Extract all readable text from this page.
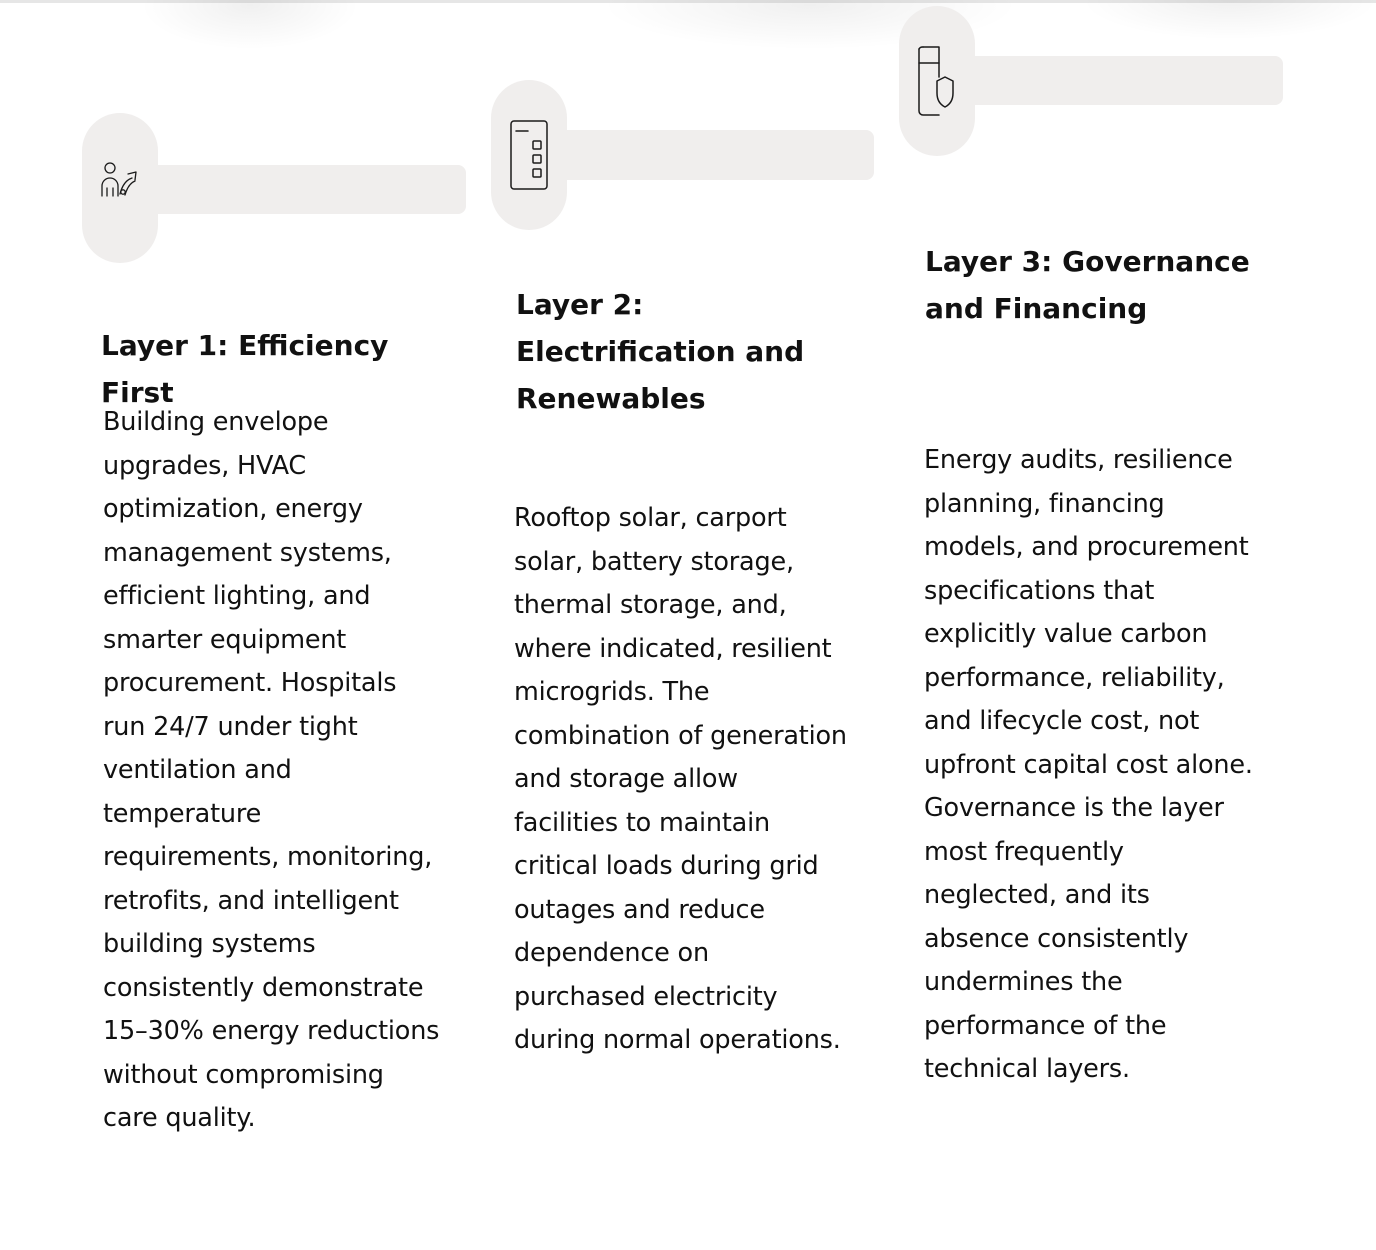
Layer 1: Efficiency First
Building envelope
upgrades, HVAC
optimization, energy
management systems,
efficient lighting, and
smarter equipment
procurement. Hospitals
run 24/7 under tight
ventilation and
temperature
requirements, monitoring,
retrofits, and intelligent
building systems
consistently demonstrate
15–30% energy reductions
without compromising
care quality.
Layer 2: Electrification and Renewables
Rooftop solar, carport
solar, battery storage,
thermal storage, and,
where indicated, resilient
microgrids. The
combination of generation
and storage allow
facilities to maintain
critical loads during grid
outages and reduce
dependence on
purchased electricity
during normal operations.
Layer 3: Governance and Financing
Energy audits, resilience
planning, financing
models, and procurement
specifications that
explicitly value carbon
performance, reliability,
and lifecycle cost, not
upfront capital cost alone.
Governance is the layer
most frequently
neglected, and its
absence consistently
undermines the
performance of the
technical layers.
